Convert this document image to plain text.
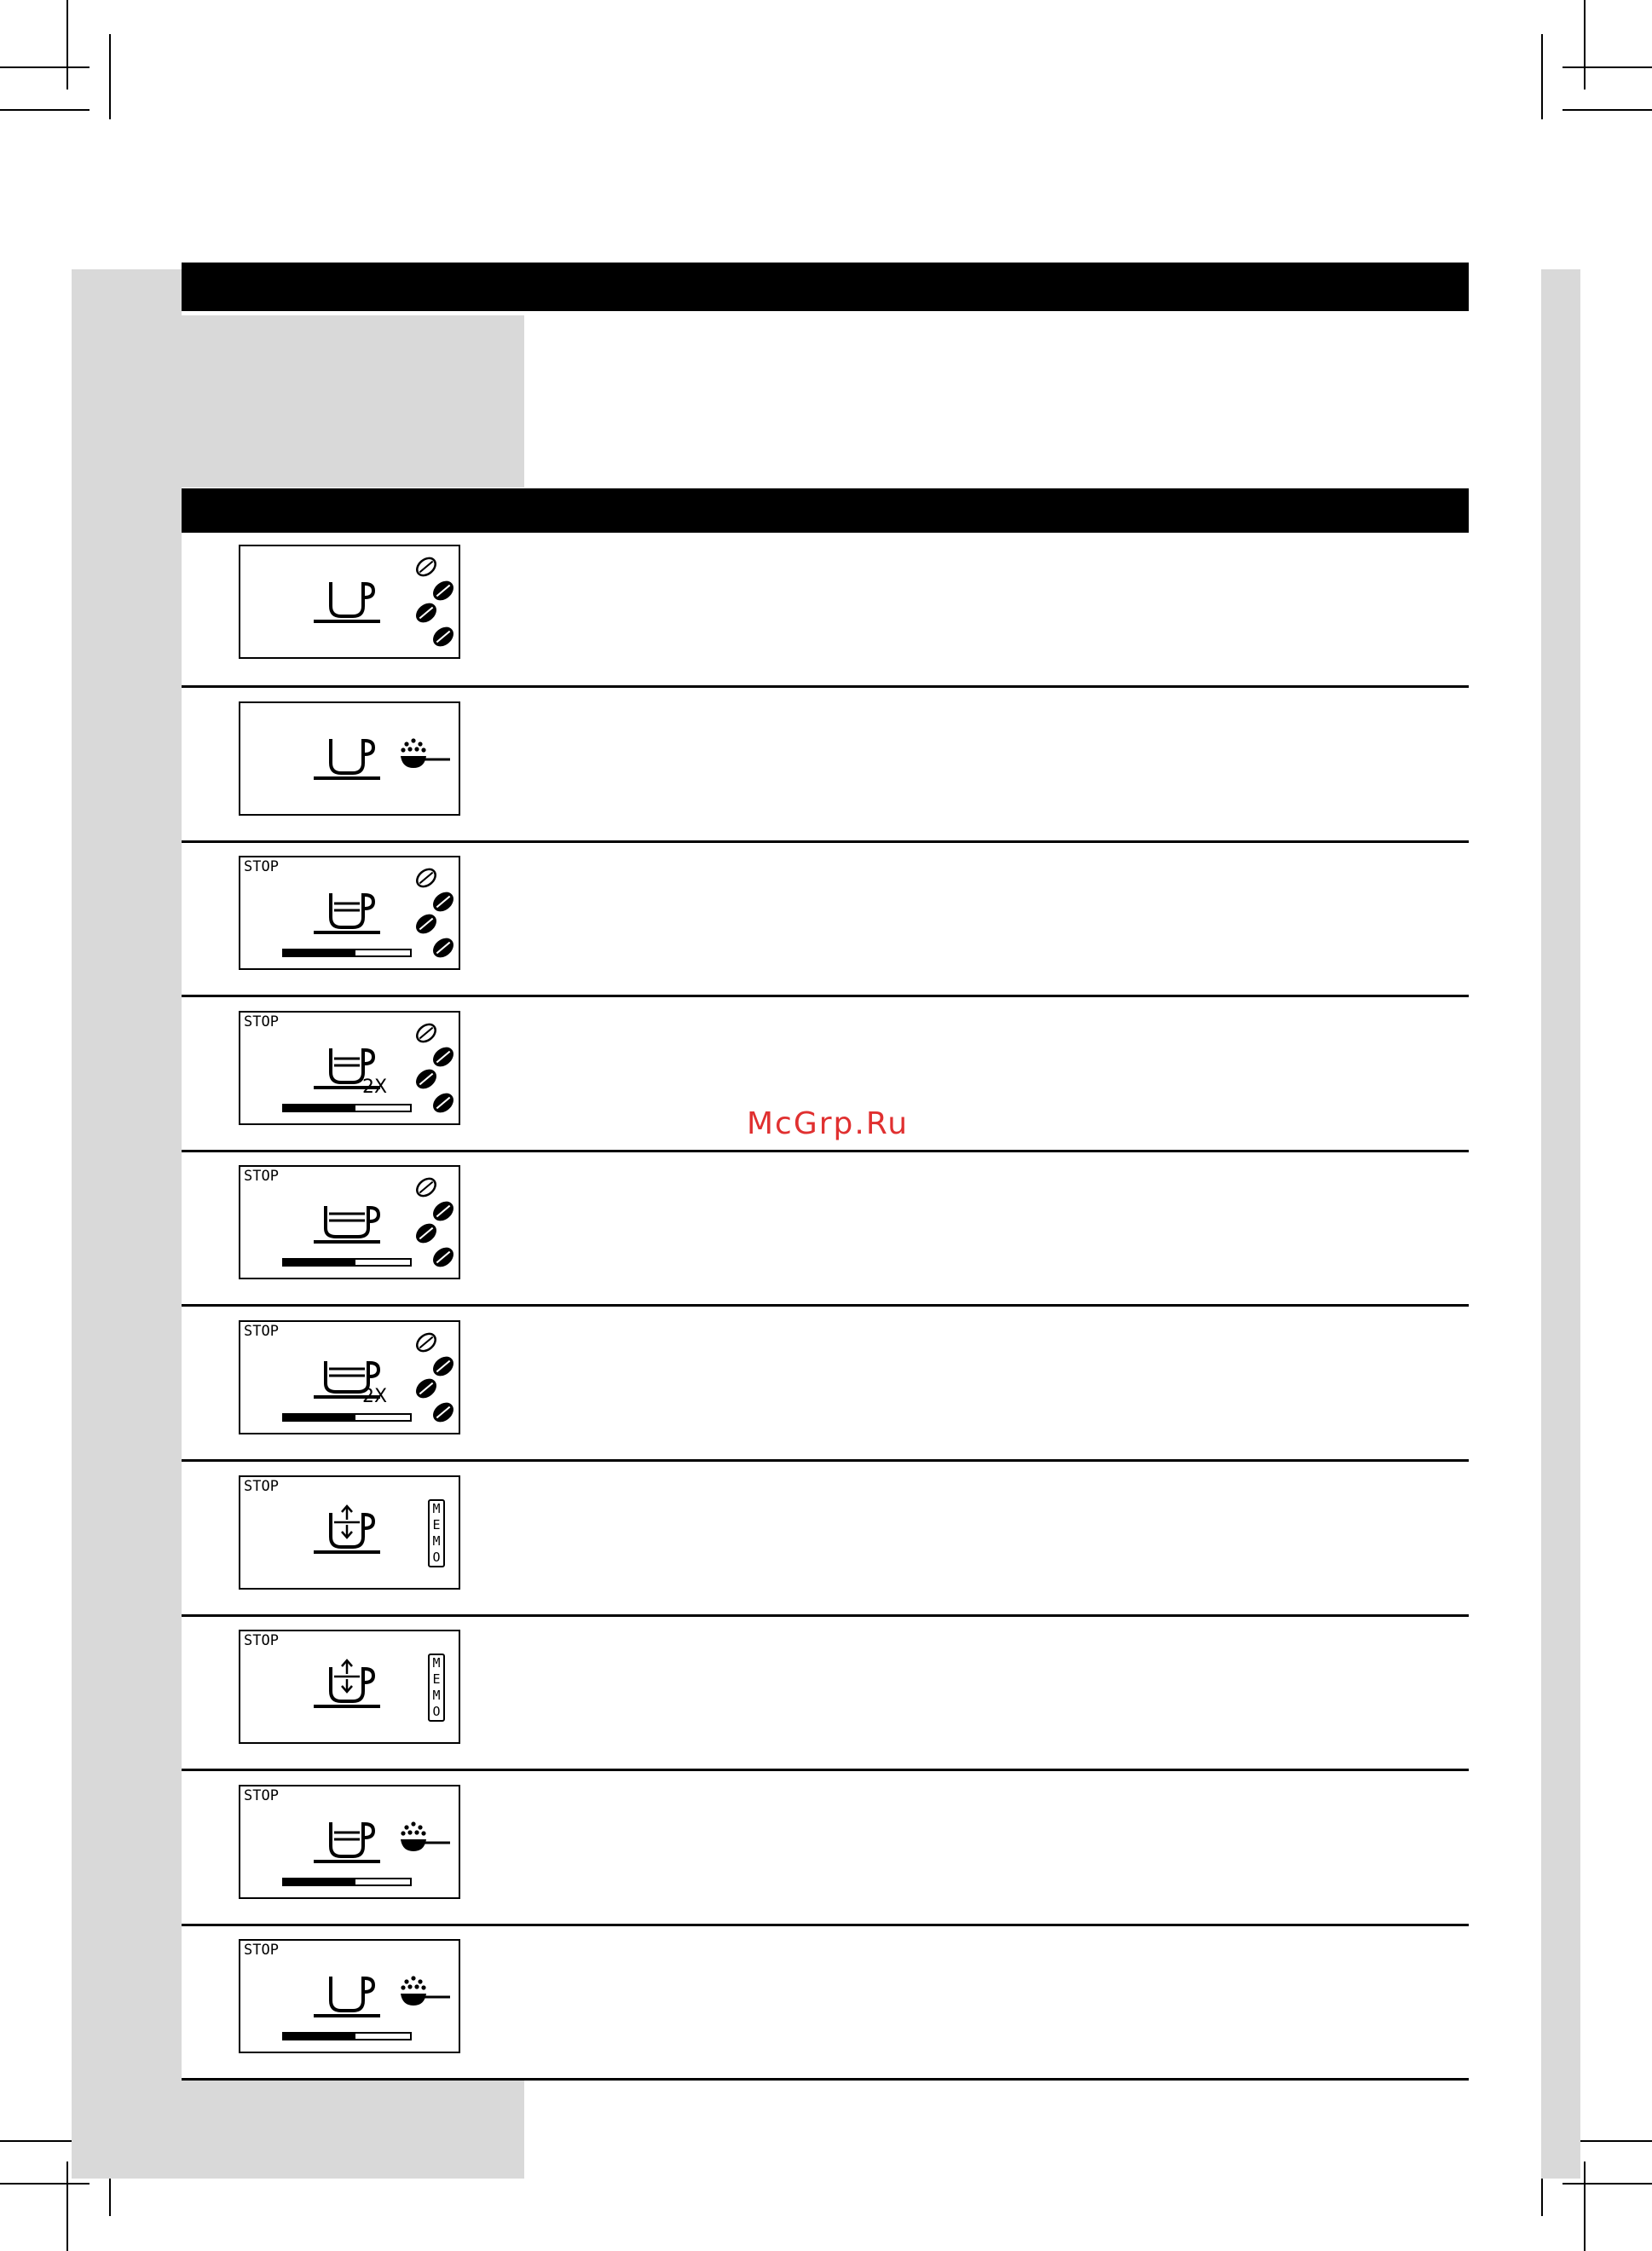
STOP
2X
STOP
STOP
2X
STOP
M
E
M
O
STOP
M
E
M
O
STOP
STOP
STOP
McGrp.Ru
